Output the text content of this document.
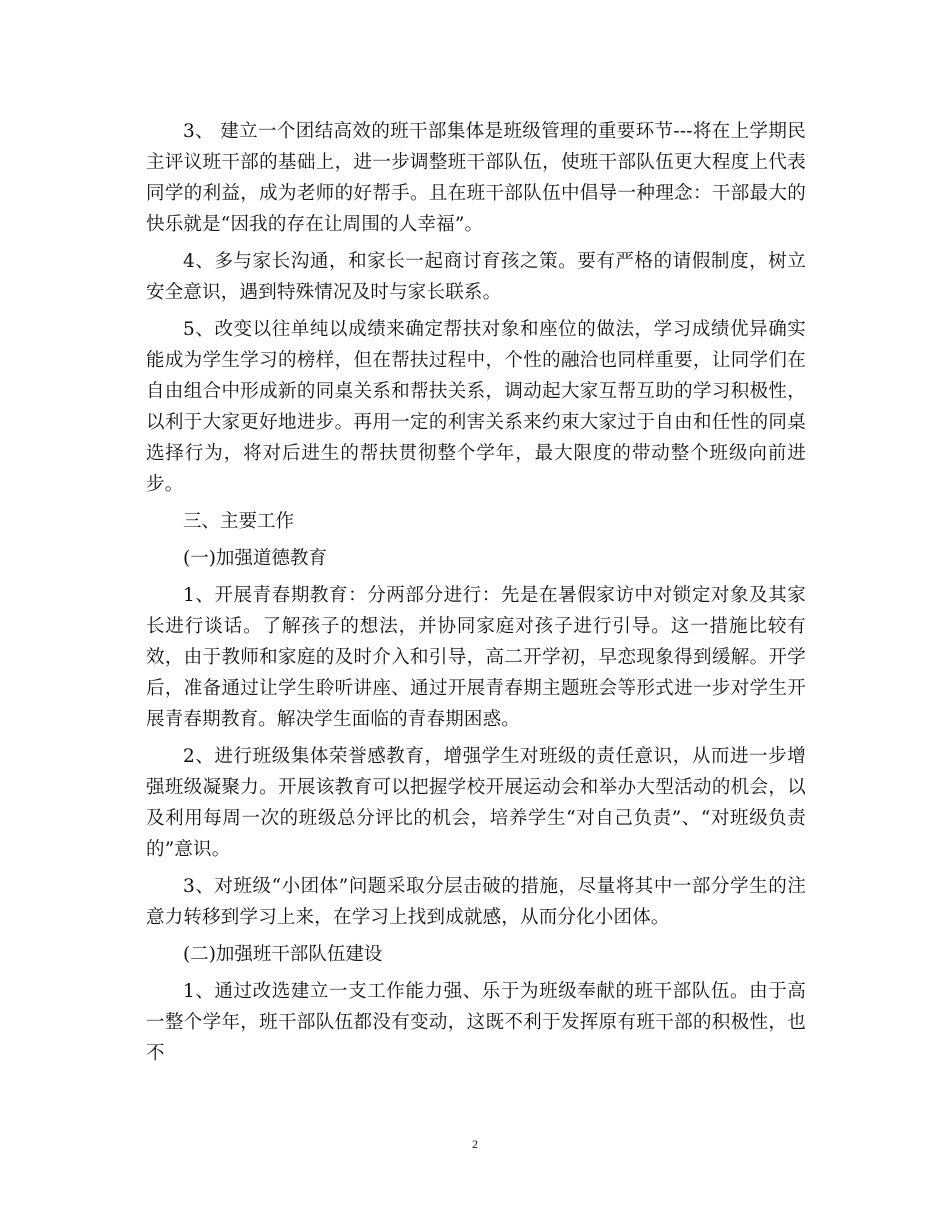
3、 建立一个团结高效的班干部集体是班级管理的重要环节---将在上学期民主评议班干部的基础上，进一步调整班干部队伍，使班干部队伍更大程度上代表同学的利益，成为老师的好帮手。且在班干部队伍中倡导一种理念：干部最大的快乐就是“因我的存在让周围的人幸福”。

4、多与家长沟通，和家长一起商讨育孩之策。要有严格的请假制度，树立安全意识，遇到特殊情况及时与家长联系。

5、改变以往单纯以成绩来确定帮扶对象和座位的做法，学习成绩优异确实能成为学生学习的榜样，但在帮扶过程中，个性的融洽也同样重要，让同学们在自由组合中形成新的同桌关系和帮扶关系，调动起大家互帮互助的学习积极性，以利于大家更好地进步。再用一定的利害关系来约束大家过于自由和任性的同桌选择行为，将对后进生的帮扶贯彻整个学年，最大限度的带动整个班级向前进步。

三、主要工作

(一)加强道德教育

1、开展青春期教育：分两部分进行：先是在暑假家访中对锁定对象及其家长进行谈话。了解孩子的想法，并协同家庭对孩子进行引导。这一措施比较有效，由于教师和家庭的及时介入和引导，高二开学初，早恋现象得到缓解。开学后，准备通过让学生聆听讲座、通过开展青春期主题班会等形式进一步对学生开展青春期教育。解决学生面临的青春期困惑。

2、进行班级集体荣誉感教育，增强学生对班级的责任意识，从而进一步增强班级凝聚力。开展该教育可以把握学校开展运动会和举办大型活动的机会，以及利用每周一次的班级总分评比的机会，培养学生“对自己负责”、“对班级负责的”意识。

3、对班级“小团体”问题采取分层击破的措施，尽量将其中一部分学生的注意力转移到学习上来，在学习上找到成就感，从而分化小团体。

(二)加强班干部队伍建设

1、通过改选建立一支工作能力强、乐于为班级奉献的班干部队伍。由于高一整个学年，班干部队伍都没有变动，这既不利于发挥原有班干部的积极性，也不

2
